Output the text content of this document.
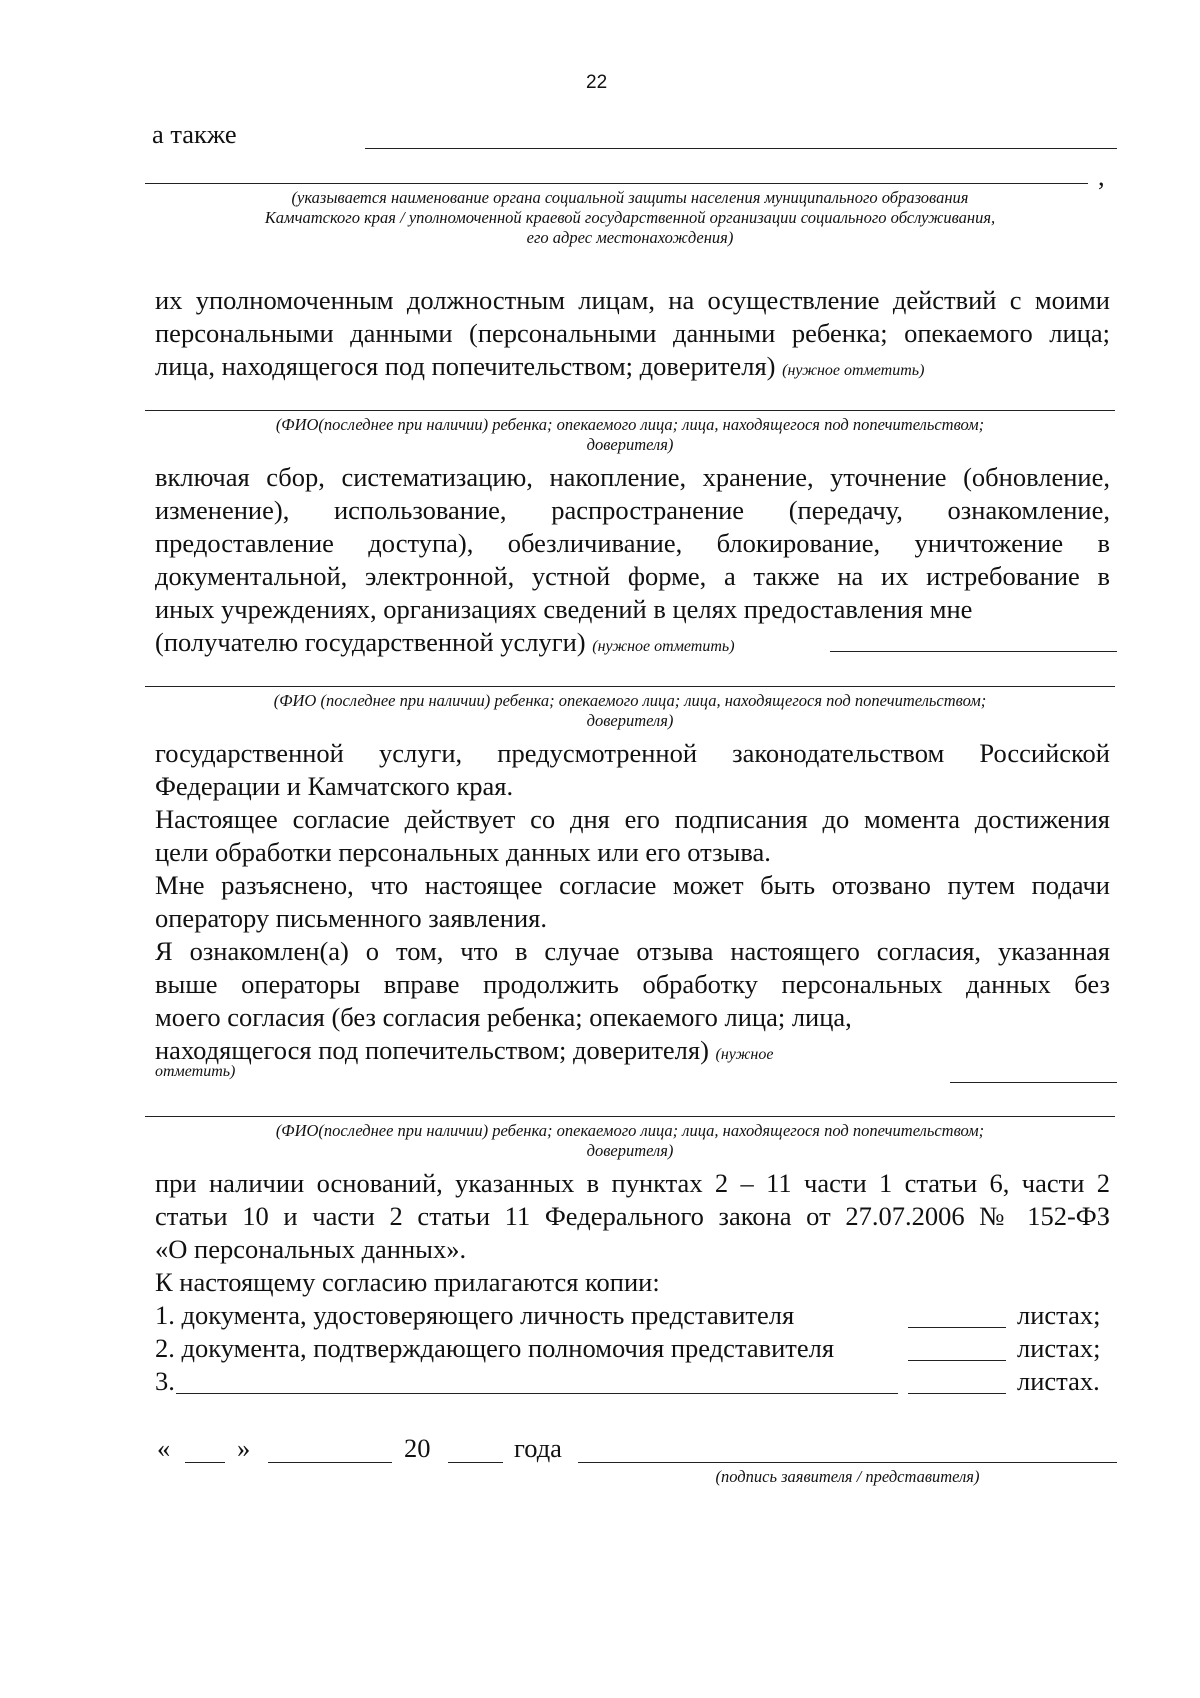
22
а также
,
(указывается наименование органа социальной защиты населения муниципального образования
Камчатского края / уполномоченной краевой государственной организации социального обслуживания,
его адрес местонахождения)
их уполномоченным должностным лицам, на осуществление действий с моими
персональными данными (персональными данными ребенка; опекаемого лица;
лица, находящегося под попечительством; доверителя) (нужное отметить)
(ФИО(последнее при наличии) ребенка; опекаемого лица; лица, находящегося под попечительством;
доверителя)
включая сбор, систематизацию, накопление, хранение, уточнение (обновление,
изменение), использование, распространение (передачу, ознакомление,
предоставление доступа), обезличивание, блокирование, уничтожение в
документальной, электронной, устной форме, а также на их истребование в
иных учреждениях, организациях сведений в целях предоставления мне
(получателю государственной услуги) (нужное отметить)
(ФИО (последнее при наличии) ребенка; опекаемого лица; лица, находящегося под попечительством;
доверителя)
государственной услуги, предусмотренной законодательством Российской
Федерации и Камчатского края.
Настоящее согласие действует со дня его подписания до момента достижения
цели обработки персональных данных или его отзыва.
Мне разъяснено, что настоящее согласие может быть отозвано путем подачи
оператору письменного заявления.
Я ознакомлен(а) о том, что в случае отзыва настоящего согласия, указанная
выше операторы вправе продолжить обработку персональных данных без
моего согласия (без согласия ребенка; опекаемого лица; лица,
находящегося под попечительством; доверителя) (нужное
отметить)
(ФИО(последнее при наличии) ребенка; опекаемого лица; лица, находящегося под попечительством;
доверителя)
при наличии оснований, указанных в пунктах 2 – 11 части 1 статьи 6, части 2
статьи 10 и части 2 статьи 11 Федерального закона от 27.07.2006 № 152-ФЗ
«О персональных данных».
К настоящему согласию прилагаются копии:
1. документа, удостоверяющего личность представителя	листах;
2. документа, подтверждающего полномочия представителя	листах;
3.	листах.
«	»	20	года
(подпись заявителя / представителя)
